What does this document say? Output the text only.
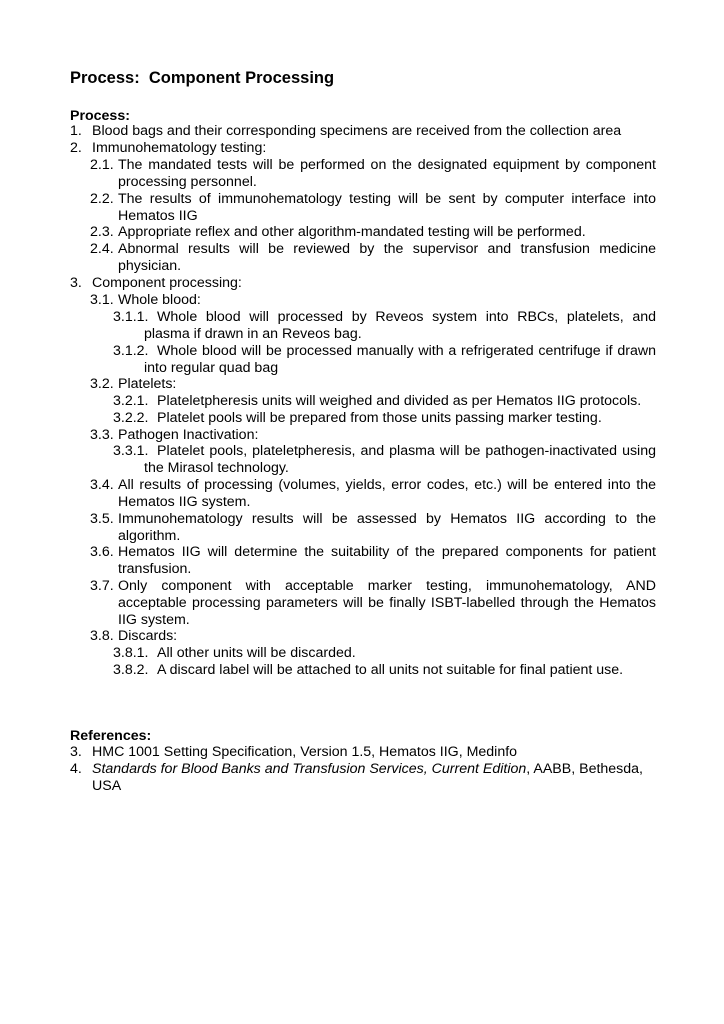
Process:  Component Processing
Process:
1. Blood bags and their corresponding specimens are received from the collection area
2. Immunohematology testing:
2.1. The mandated tests will be performed on the designated equipment by component processing personnel.
2.2. The results of immunohematology testing will be sent by computer interface into Hematos IIG
2.3. Appropriate reflex and other algorithm-mandated testing will be performed.
2.4. Abnormal results will be reviewed by the supervisor and transfusion medicine physician.
3. Component processing:
3.1. Whole blood:
3.1.1. Whole blood will processed by Reveos system into RBCs, platelets, and plasma if drawn in an Reveos bag.
3.1.2. Whole blood will be processed manually with a refrigerated centrifuge if drawn into regular quad bag
3.2. Platelets:
3.2.1. Plateletpheresis units will weighed and divided as per Hematos IIG protocols.
3.2.2. Platelet pools will be prepared from those units passing marker testing.
3.3. Pathogen Inactivation:
3.3.1. Platelet pools, plateletpheresis, and plasma will be pathogen-inactivated using the Mirasol technology.
3.4. All results of processing (volumes, yields, error codes, etc.) will be entered into the Hematos IIG system.
3.5. Immunohematology results will be assessed by Hematos IIG according to the algorithm.
3.6. Hematos IIG will determine the suitability of the prepared components for patient transfusion.
3.7. Only component with acceptable marker testing, immunohematology, AND acceptable processing parameters will be finally ISBT-labelled through the Hematos IIG system.
3.8. Discards:
3.8.1. All other units will be discarded.
3.8.2. A discard label will be attached to all units not suitable for final patient use.
References:
3. HMC 1001 Setting Specification, Version 1.5, Hematos IIG, Medinfo
4. Standards for Blood Banks and Transfusion Services, Current Edition, AABB, Bethesda, USA
